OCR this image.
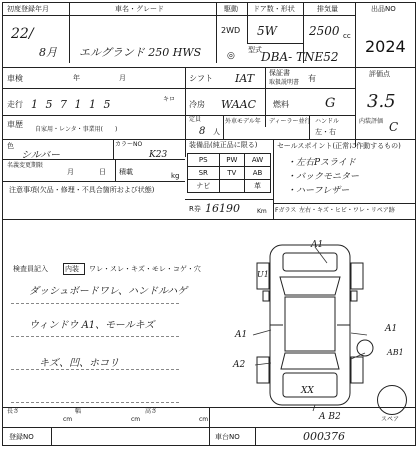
初度登録年月	車名・グレード	駆動 ドア数・形状	排気量	出品NO
22/
8月 エルグランド 250 HWS
2WD
◎
5W	2500 cc
型式 DBA- TNE52
2024
車検	年	月	シフト IAT 保証書
取扱説明書 有	評価点
3.5
走行 1 5 7 1 1 5	キロ
冷房 WAAC 燃料	G
車歴
自家用・レンタ・事業用(　　)
定員
8 人
外車モデル年 ディーラー並行 ハンドル
左・右
内装評価 C
色
シルバー
カラーNO
K23
名義変更期限
月	日 積載	kg
注意事項(欠品・修理・不具合箇所および状態)
装備品(純正品に限る)
PS	PW	AW
SR	TV	AB
ナビ		革
R券 16190	Km
セールスポイント(正常に作動するもの)
・左右Pスライド
・バックモニター
・ハーフレザー
Fガラス 左右・キズ・ヒビ・ワレ・リペア跡
検査員記入 内装 ワレ・スレ・キズ・モレ・コゲ・穴
ダッシュボードワレ、ハンドルハゲ
ウィンドウ A1、モールキズ
キズ、凹、ホコリ
A1
U1
A1
A2
A1
AB1
XX
A B2	スペア
長さ
cm
幅
cm
高さ
cm
登録NO	車台NO	000376
